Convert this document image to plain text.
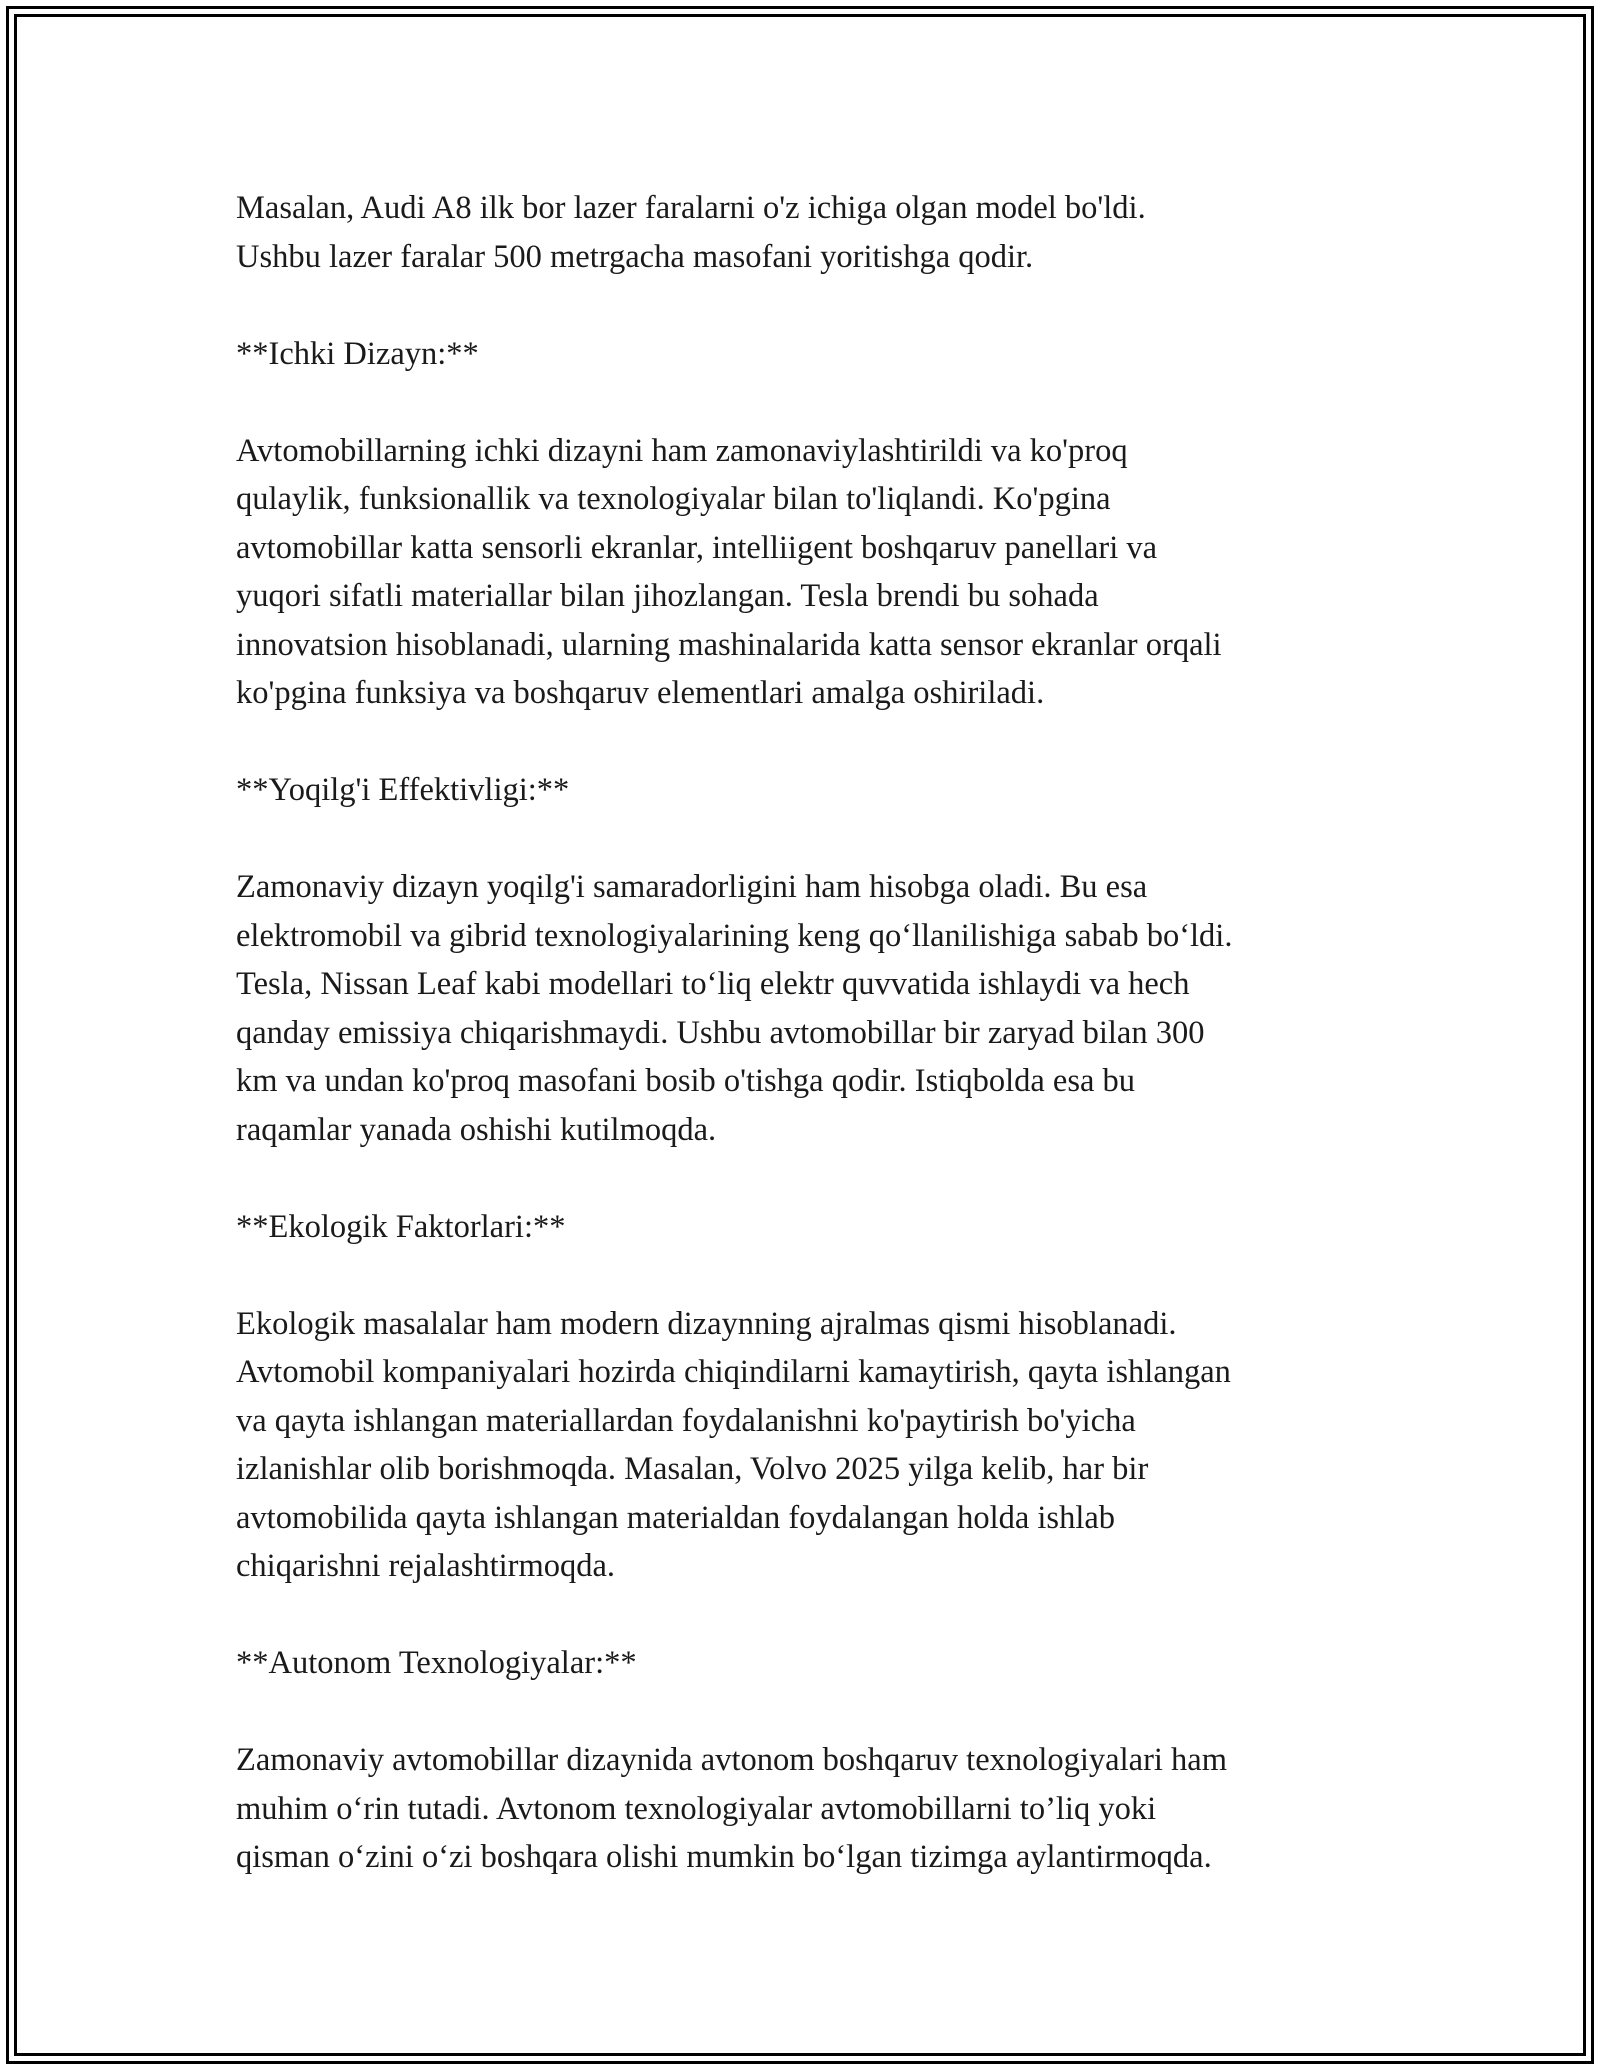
Masalan, Audi A8 ilk bor lazer faralarni o'z ichiga olgan model bo'ldi.
Ushbu lazer faralar 500 metrgacha masofani yoritishga qodir.

**Ichki Dizayn:**

Avtomobillarning ichki dizayni ham zamonaviylashtirildi va ko'proq
qulaylik, funksionallik va texnologiyalar bilan to'liqlandi. Ko'pgina
avtomobillar katta sensorli ekranlar, intelliigent boshqaruv panellari va
yuqori sifatli materiallar bilan jihozlangan. Tesla brendi bu sohada
innovatsion hisoblanadi, ularning mashinalarida katta sensor ekranlar orqali
ko'pgina funksiya va boshqaruv elementlari amalga oshiriladi.

**Yoqilg'i Effektivligi:**

Zamonaviy dizayn yoqilg'i samaradorligini ham hisobga oladi. Bu esa
elektromobil va gibrid texnologiyalarining keng qo‘llanilishiga sabab bo‘ldi.
Tesla, Nissan Leaf kabi modellari to‘liq elektr quvvatida ishlaydi va hech
qanday emissiya chiqarishmaydi. Ushbu avtomobillar bir zaryad bilan 300
km va undan ko'proq masofani bosib o'tishga qodir. Istiqbolda esa bu
raqamlar yanada oshishi kutilmoqda.

**Ekologik Faktorlari:**

Ekologik masalalar ham modern dizaynning ajralmas qismi hisoblanadi.
Avtomobil kompaniyalari hozirda chiqindilarni kamaytirish, qayta ishlangan
va qayta ishlangan materiallardan foydalanishni ko'paytirish bo'yicha
izlanishlar olib borishmoqda. Masalan, Volvo 2025 yilga kelib, har bir
avtomobilida qayta ishlangan materialdan foydalangan holda ishlab
chiqarishni rejalashtirmoqda.

**Autonom Texnologiyalar:**

Zamonaviy avtomobillar dizaynida avtonom boshqaruv texnologiyalari ham
muhim o‘rin tutadi. Avtonom texnologiyalar avtomobillarni to’liq yoki
qisman o‘zini o‘zi boshqara olishi mumkin bo‘lgan tizimga aylantirmoqda.
